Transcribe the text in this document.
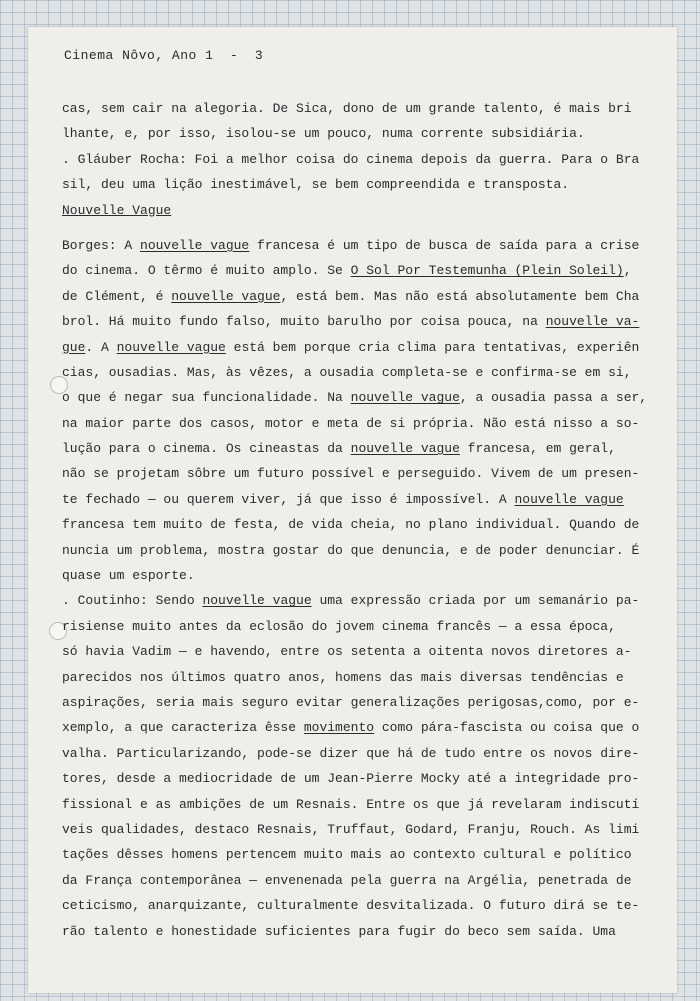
Cinema Nôvo, Ano 1  -  3
cas, sem cair na alegoria. De Sica, dono de um grande talento, é mais bri
lhante, e, por isso, isolou-se um pouco, numa corrente subsidiária.
. Gláuber Rocha: Foi a melhor coisa do cinema depois da guerra. Para o Bra
sil, deu uma lição inestimável, se bem compreendida e transposta.
Nouvelle Vague
Borges: A nouvelle vague francesa é um tipo de busca de saída para a crise
do cinema. O têrmo é muito amplo. Se O Sol Por Testemunha (Plein Soleil),
de Clément, é nouvelle vague, está bem. Mas não está absolutamente bem Cha
brol. Há muito fundo falso, muito barulho por coisa pouca, na nouvelle va-
gue. A nouvelle vague está bem porque cria clima para tentativas, experiên
cias, ousadias. Mas, às vêzes, a ousadia completa-se e confirma-se em si,
o que é negar sua funcionalidade. Na nouvelle vague, a ousadia passa a ser,
na maior parte dos casos, motor e meta de si própria. Não está nisso a so-
lução para o cinema. Os cineastas da nouvelle vague francesa, em geral,
não se projetam sôbre um futuro possível e perseguido. Vivem de um presen-
te fechado — ou querem viver, já que isso é impossível. A nouvelle vague
francesa tem muito de festa, de vida cheia, no plano individual. Quando de
nuncia um problema, mostra gostar do que denuncia, e de poder denunciar. É
quase um esporte.
. Coutinho: Sendo nouvelle vague uma expressão criada por um semanário pa-
risiense muito antes da eclosão do jovem cinema francês — a essa época,
só havia Vadim — e havendo, entre os setenta a oitenta novos diretores a-
parecidos nos últimos quatro anos, homens das mais diversas tendências e
aspirações, seria mais seguro evitar generalizações perigosas,como, por e-
xemplo, a que caracteriza êsse movimento como pára-fascista ou coisa que o
valha. Particularizando, pode-se dizer que há de tudo entre os novos dire-
tores, desde a mediocridade de um Jean-Pierre Mocky até a integridade pro-
fissional e as ambições de um Resnais. Entre os que já revelaram indiscutí
veis qualidades, destaco Resnais, Truffaut, Godard, Franju, Rouch. As limi
tações dêsses homens pertencem muito mais ao contexto cultural e político
da França contemporânea — envenenada pela guerra na Argélia, penetrada de
ceticismo, anarquizante, culturalmente desvitalizada. O futuro dirá se te-
rão talento e honestidade suficientes para fugir do beco sem saída. Uma
